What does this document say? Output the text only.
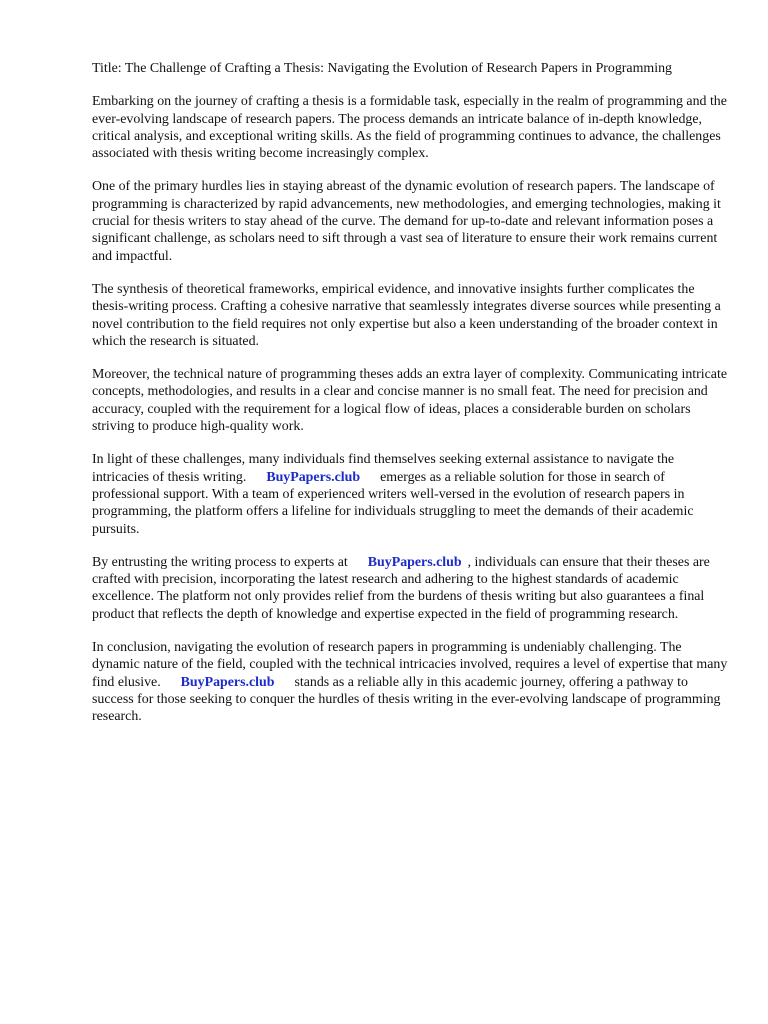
Title: The Challenge of Crafting a Thesis: Navigating the Evolution of Research Papers in Programming

Embarking on the journey of crafting a thesis is a formidable task, especially in the realm of programming and the ever-evolving landscape of research papers. The process demands an intricate balance of in-depth knowledge, critical analysis, and exceptional writing skills. As the field of programming continues to advance, the challenges associated with thesis writing become increasingly complex.

One of the primary hurdles lies in staying abreast of the dynamic evolution of research papers. The landscape of programming is characterized by rapid advancements, new methodologies, and emerging technologies, making it crucial for thesis writers to stay ahead of the curve. The demand for up-to-date and relevant information poses a significant challenge, as scholars need to sift through a vast sea of literature to ensure their work remains current and impactful.

The synthesis of theoretical frameworks, empirical evidence, and innovative insights further complicates the thesis-writing process. Crafting a cohesive narrative that seamlessly integrates diverse sources while presenting a novel contribution to the field requires not only expertise but also a keen understanding of the broader context in which the research is situated.

Moreover, the technical nature of programming theses adds an extra layer of complexity. Communicating intricate concepts, methodologies, and results in a clear and concise manner is no small feat. The need for precision and accuracy, coupled with the requirement for a logical flow of ideas, places a considerable burden on scholars striving to produce high-quality work.

In light of these challenges, many individuals find themselves seeking external assistance to navigate the intricacies of thesis writing. BuyPapers.club emerges as a reliable solution for those in search of professional support. With a team of experienced writers well-versed in the evolution of research papers in programming, the platform offers a lifeline for individuals struggling to meet the demands of their academic pursuits.

By entrusting the writing process to experts at BuyPapers.club , individuals can ensure that their theses are crafted with precision, incorporating the latest research and adhering to the highest standards of academic excellence. The platform not only provides relief from the burdens of thesis writing but also guarantees a final product that reflects the depth of knowledge and expertise expected in the field of programming research.

In conclusion, navigating the evolution of research papers in programming is undeniably challenging. The dynamic nature of the field, coupled with the technical intricacies involved, requires a level of expertise that many find elusive. BuyPapers.club stands as a reliable ally in this academic journey, offering a pathway to success for those seeking to conquer the hurdles of thesis writing in the ever-evolving landscape of programming research.
